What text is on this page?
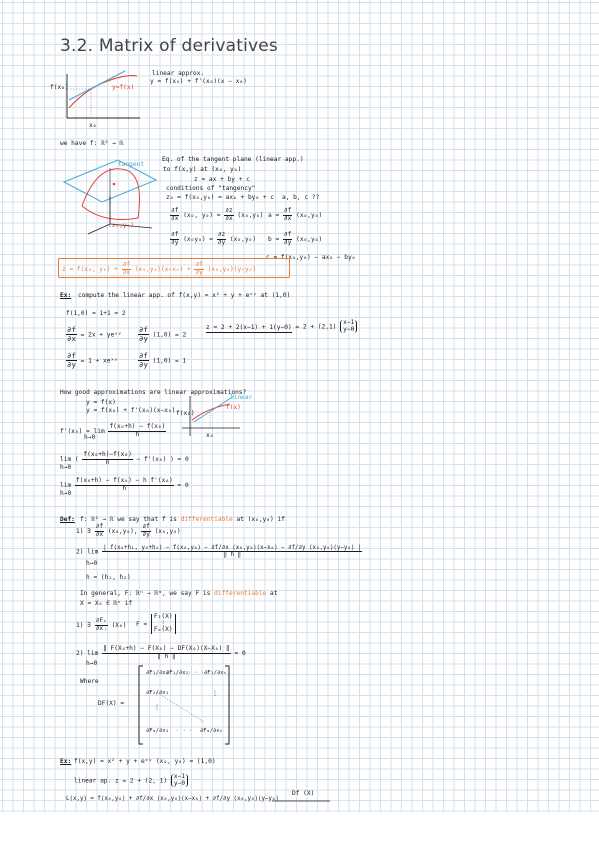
3.2. Matrix of derivatives
f(x₀)	y=f(x)
x₀
linear approx.
y = f(x₀) + f'(x₀)(x − x₀)
we have f: ℝ² → ℝ
tangent
(x₀,y₀)
Eq. of the tangent plane (linear app.)
to f(x,y) at (x₀, y₀)
z = ax + by + c
conditions of "tangency"
z₀ = f(x₀,y₀) = ax₀ + by₀ + c a, b, c ??
$\frac{\partial f}{\partial x} (x_0$, $y_0) = \frac{\partial z}{\partial x} (x_0,y_0) a = \frac{\partial f}{\partial x} (x_0,y_0)$
$\frac{\partial f}{\partial y} (x_0y_0) = \frac{\partial z}{\partial y} (x_0,y_0) b = \frac{\partial f}{\partial y} (x_0,y_0)$
c = f(x₀,y₀) − ax₀ − by₀
z = f(x₀, $y_0) + \frac{\partial f}{\partial x} (x_0,y_0)(x-x_0) + \frac{\partial f}{\partial y} (x_0,y_0)(y-y_0)$
Ex: compute the linear app. of f(x,y) = x² + y + eˣʸ at (1,0)
f(1,0) = 1+1 = 2
$\frac{\partial f}{\partial x} = 2x$ + yeˣʸ $\frac{\partial f}{\partial y} (1,0) = 2$
z = 2 + 2(x−1) + 1(y−0) = 2 + (2,1)
x−1
y−0
$\frac{\partial f}{\partial y} = 1$ + xeˣʸ	$\frac{\partial f}{\partial y} (1,0) = 1$
How good approximations are linear approximations?
y = f(x)
y = f(x₀) + f'(x₀)(x−x₀)
$f'(x_0) = \lim \frac{\text{f(x₀+h) − f(x₀)}}{h}$
h→0
f(x₀)
f(x)
linear
x₀
lim ( $\frac{\text{f(x₀+h)−f(x₀)}}{h} - f'(x_0)$ ) = 0
h→0
$\lim \frac{\text{f(x₀+h) − f(x₀) − h f'(x₀)}}{h} = 0$
h→0
Def: f: ℝ² → ℝ we say that f is differentiable at (x₀,y₀) if
1) ∃ $\frac{\partial f}{\partial x} (x_0,y_0)$, $\frac{\partial f}{\partial y} (x_0,y_0)$
2) lim
| f(x₀+h₁, y₀+h₂) − f(x₀,y₀) − ∂f/∂x (x₀,y₀)(x−x₀) − ∂f/∂y (x₀,y₀)(y−y₀) |
‖ h ‖
h→0
h = (h₁, h₂)
In general, F: ℝⁿ → ℝᵐ, we say F is differentiable at
X = X₀ ∈ ℝⁿ if
1) ∃ $\frac{\text{∂Fᵢ}}{\text{∂xⱼ}} (X_0) F$ =
F₁(X)
⋮
Fₘ(X)
2) $\lim \frac{\text{‖ F(X₀+h) − F(X₀) − DF(X₀)(X−X₀) ‖}}{‖ h ‖} = 0$
h→0
Where
DF(X) =
∂F₁/∂x₁
∂F₁/∂x₂ · · · ∂F₁/∂xₙ
∂F₂/∂x₁
⋮
⋮
∂Fₘ/∂x₁ · · · ∂Fₘ/∂xₙ
Ex: f(x,y) = x² + y + eˣʸ (x₀, y₀) = (1,0)
linear ap. z = 2 + (2, 1)
x−1
y−0
L(x,y) = f(x₀,y₀) + ∂f/∂x (x₀,y₀)(x−x₀) + ∂f/∂y (x₀,y₀)(y−y₀)
Df (X)
